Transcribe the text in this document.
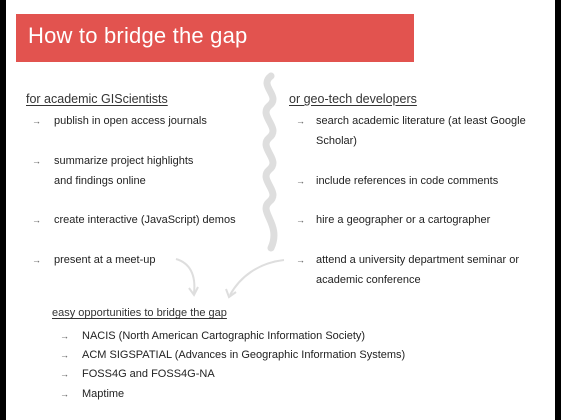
How to bridge the gap
for academic GIScientists
→ publish in open access journals
→ summarize project highlights
and findings online
→ create interactive (JavaScript) demos
→ present at a meet-up
or geo-tech developers
→ search academic literature (at least Google
Scholar)
→ include references in code comments
→ hire a geographer or a cartographer
→ attend a university department seminar or
academic conference
easy opportunities to bridge the gap
→ NACIS (North American Cartographic Information Society)
→ ACM SIGSPATIAL (Advances in Geographic Information Systems)
→ FOSS4G and FOSS4G-NA
→ Maptime
